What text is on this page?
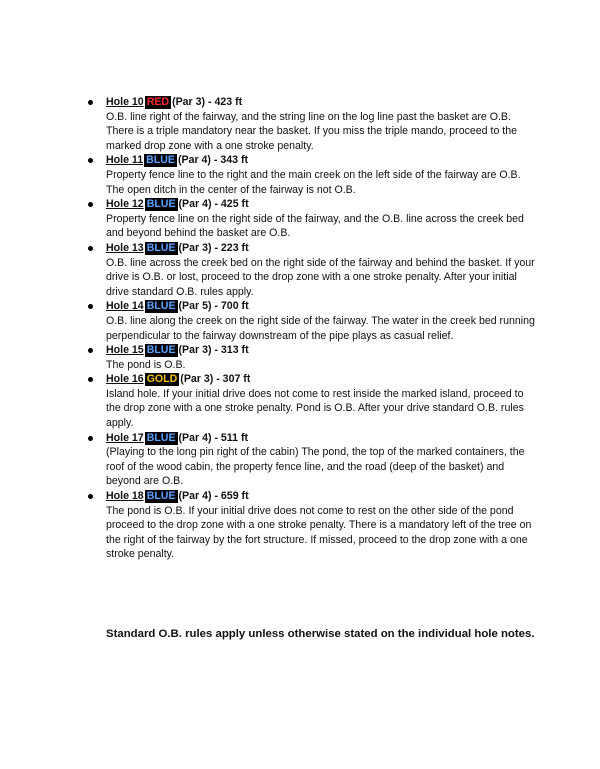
Hole 10 RED (Par 3) - 423 ft

O.B. line right of the fairway, and the string line on the log line past the basket are O.B. There is a triple mandatory near the basket. If you miss the triple mando, proceed to the marked drop zone with a one stroke penalty.

Hole 11 BLUE (Par 4) - 343 ft

Property fence line to the right and the main creek on the left side of the fairway are O.B. The open ditch in the center of the fairway is not O.B.

Hole 12 BLUE (Par 4) - 425 ft

Property fence line on the right side of the fairway, and the O.B. line across the creek bed and beyond behind the basket are O.B.

Hole 13 BLUE (Par 3) - 223 ft

O.B. line across the creek bed on the right side of the fairway and behind the basket. If your drive is O.B. or lost, proceed to the drop zone with a one stroke penalty. After your initial drive standard O.B. rules apply.

Hole 14 BLUE (Par 5) - 700 ft

O.B. line along the creek on the right side of the fairway. The water in the creek bed running perpendicular to the fairway downstream of the pipe plays as casual relief.

Hole 15 BLUE (Par 3) - 313 ft

The pond is O.B.

Hole 16 GOLD (Par 3) - 307 ft

Island hole. If your initial drive does not come to rest inside the marked island, proceed to the drop zone with a one stroke penalty. Pond is O.B. After your drive standard O.B. rules apply.

Hole 17 BLUE (Par 4) - 511 ft

(Playing to the long pin right of the cabin) The pond, the top of the marked containers, the roof of the wood cabin, the property fence line, and the road (deep of the basket) and beyond are O.B.

Hole 18 BLUE (Par 4) - 659 ft

The pond is O.B. If your initial drive does not come to rest on the other side of the pond proceed to the drop zone with a one stroke penalty. There is a mandatory left of the tree on the right of the fairway by the fort structure. If missed, proceed to the drop zone with a one stroke penalty.

Standard O.B. rules apply unless otherwise stated on the individual hole notes.
